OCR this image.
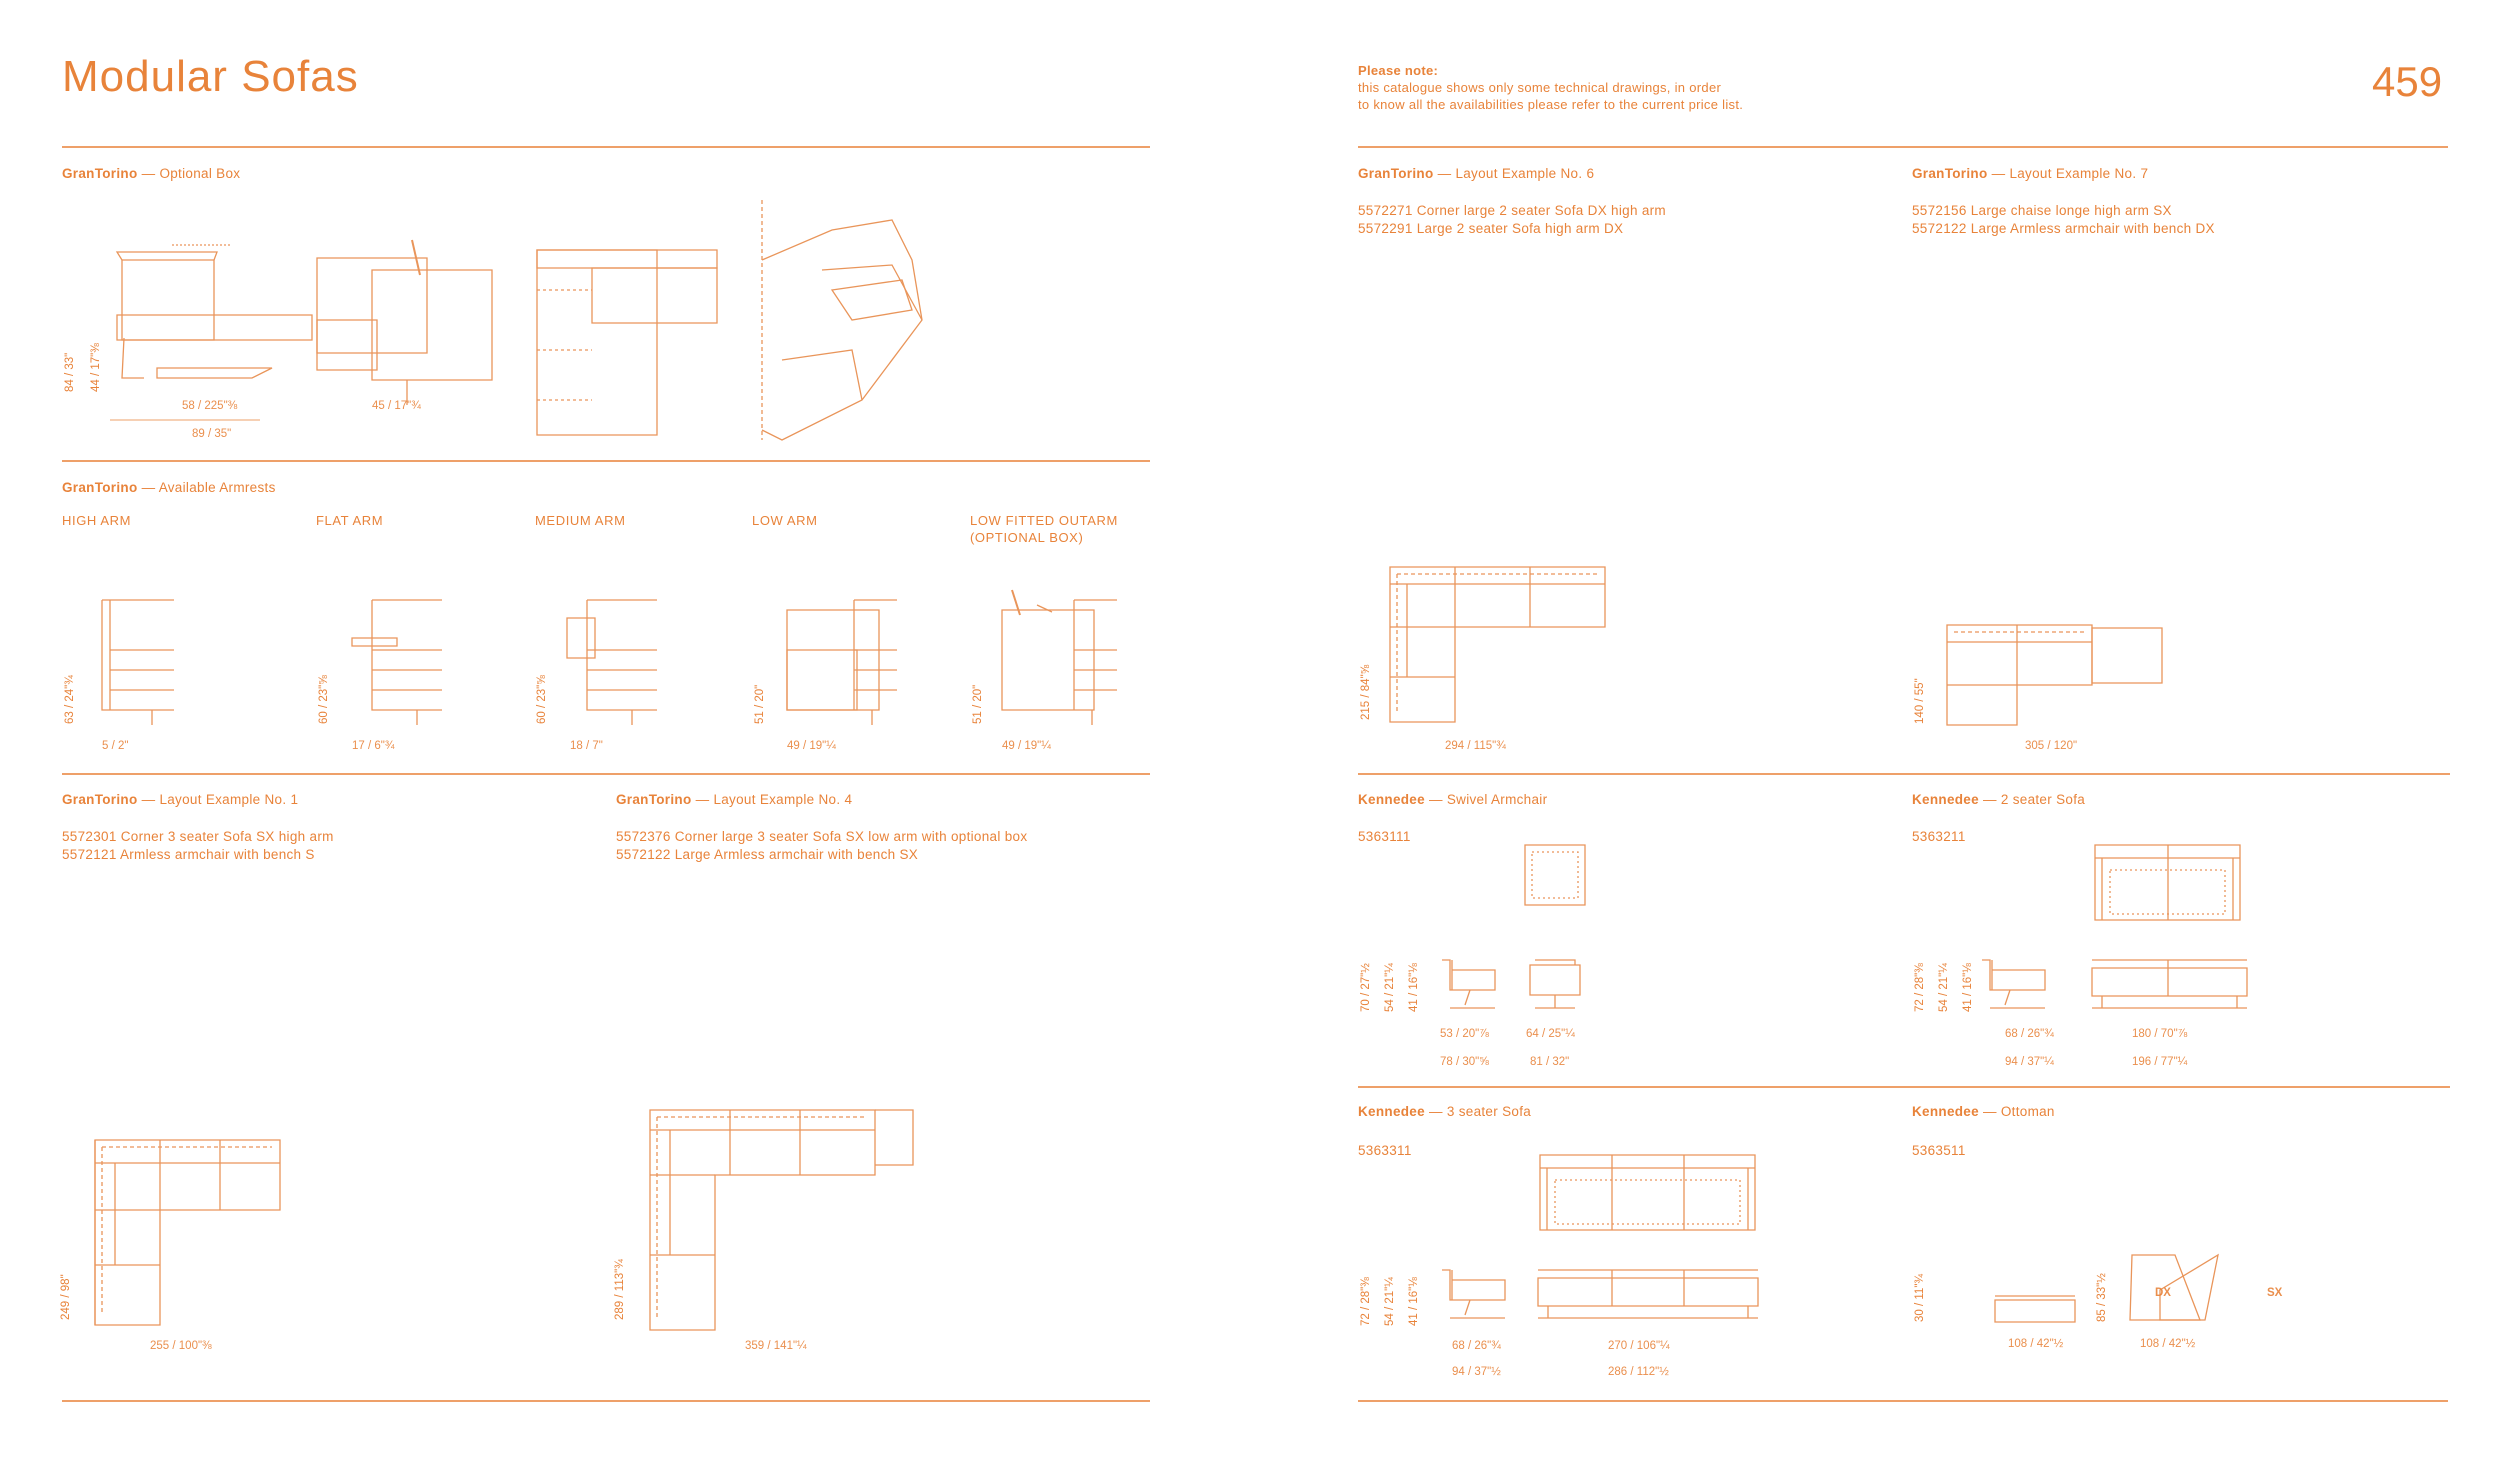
Modular Sofas
GranTorino — Optional Box
84 / 33" 44 / 17"⅜
58 / 225"⅜
89 / 35"
45 / 17"¾
GranTorino — Available Armrests
HIGH ARM	FLAT ARM	MEDIUM ARM	LOW ARM	LOW FITTED OUTARM
(OPTIONAL BOX)
63 / 24"¾	60 / 23"⅝	60 / 23"⅝	51 / 20"	51 / 20"
5 / 2"	17 / 6"¾	18 / 7"	49 / 19"¼	49 / 19"¼
GranTorino — Layout Example No. 1
5572301 Corner 3 seater Sofa SX high arm
5572121 Armless armchair with bench S
249 / 98"
255 / 100"⅜
GranTorino — Layout Example No. 4
5572376 Corner large 3 seater Sofa SX low arm with optional box
5572122 Large Armless armchair with bench SX
289 / 113"¾
359 / 141"¼
Please note:
this catalogue shows only some technical drawings, in order
to know all the availabilities please refer to the current price list.	459
GranTorino — Layout Example No. 6
5572271 Corner large 2 seater Sofa DX high arm
5572291 Large 2 seater Sofa high arm DX
215 / 84"⅝
294 / 115"¾
GranTorino — Layout Example No. 7
5572156 Large chaise longe high arm SX
5572122 Large Armless armchair with bench DX
140 / 55"
305 / 120"
Kennedee — Swivel Armchair
5363111
70 / 27"½ 54 / 21"¼ 41 / 16"⅛
53 / 20"⅞
78 / 30"⅝
64 / 25"¼
81 / 32"
Kennedee — 2 seater Sofa
5363211
72 / 28"⅜ 54 / 21"¼ 41 / 16"⅛
68 / 26"¾
94 / 37"¼
180 / 70"⅞
196 / 77"¼
Kennedee — 3 seater Sofa
5363311
72 / 28"⅜ 54 / 21"¼ 41 / 16"⅛
68 / 26"¾
94 / 37"½
270 / 106"¼
286 / 112"½
Kennedee — Ottoman
5363511
DX	SX
30 / 11"¾	85 / 33"½
108 / 42"½	108 / 42"½
